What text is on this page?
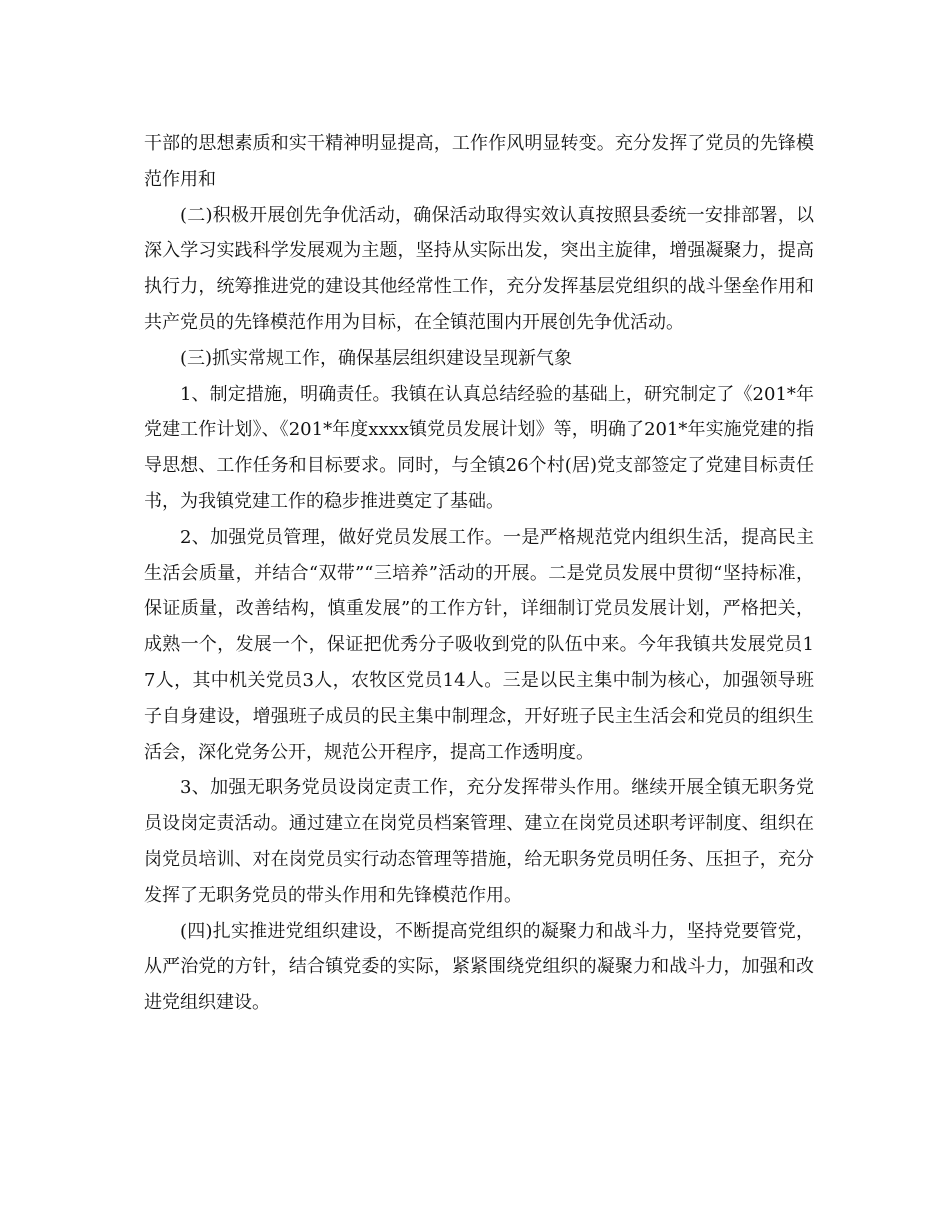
干部的思想素质和实干精神明显提高，工作作风明显转变。充分发挥了党员的先锋模范作用和

(二)积极开展创先争优活动，确保活动取得实效认真按照县委统一安排部署，以深入学习实践科学发展观为主题，坚持从实际出发，突出主旋律，增强凝聚力，提高执行力，统筹推进党的建设其他经常性工作，充分发挥基层党组织的战斗堡垒作用和共产党员的先锋模范作用为目标，在全镇范围内开展创先争优活动。

(三)抓实常规工作，确保基层组织建设呈现新气象

1、制定措施，明确责任。我镇在认真总结经验的基础上，研究制定了《201*年党建工作计划》、《201*年度xxxx镇党员发展计划》等，明确了201*年实施党建的指导思想、工作任务和目标要求。同时，与全镇26个村(居)党支部签定了党建目标责任书，为我镇党建工作的稳步推进奠定了基础。

2、加强党员管理，做好党员发展工作。一是严格规范党内组织生活，提高民主生活会质量，并结合“双带”“三培养”活动的开展。二是党员发展中贯彻“坚持标准，保证质量，改善结构，慎重发展”的工作方针，详细制订党员发展计划，严格把关，成熟一个，发展一个，保证把优秀分子吸收到党的队伍中来。今年我镇共发展党员17人，其中机关党员3人，农牧区党员14人。三是以民主集中制为核心，加强领导班子自身建设，增强班子成员的民主集中制理念，开好班子民主生活会和党员的组织生活会，深化党务公开，规范公开程序，提高工作透明度。

3、加强无职务党员设岗定责工作，充分发挥带头作用。继续开展全镇无职务党员设岗定责活动。通过建立在岗党员档案管理、建立在岗党员述职考评制度、组织在岗党员培训、对在岗党员实行动态管理等措施，给无职务党员明任务、压担子，充分发挥了无职务党员的带头作用和先锋模范作用。

(四)扎实推进党组织建设，不断提高党组织的凝聚力和战斗力，坚持党要管党，从严治党的方针，结合镇党委的实际，紧紧围绕党组织的凝聚力和战斗力，加强和改进党组织建设。
